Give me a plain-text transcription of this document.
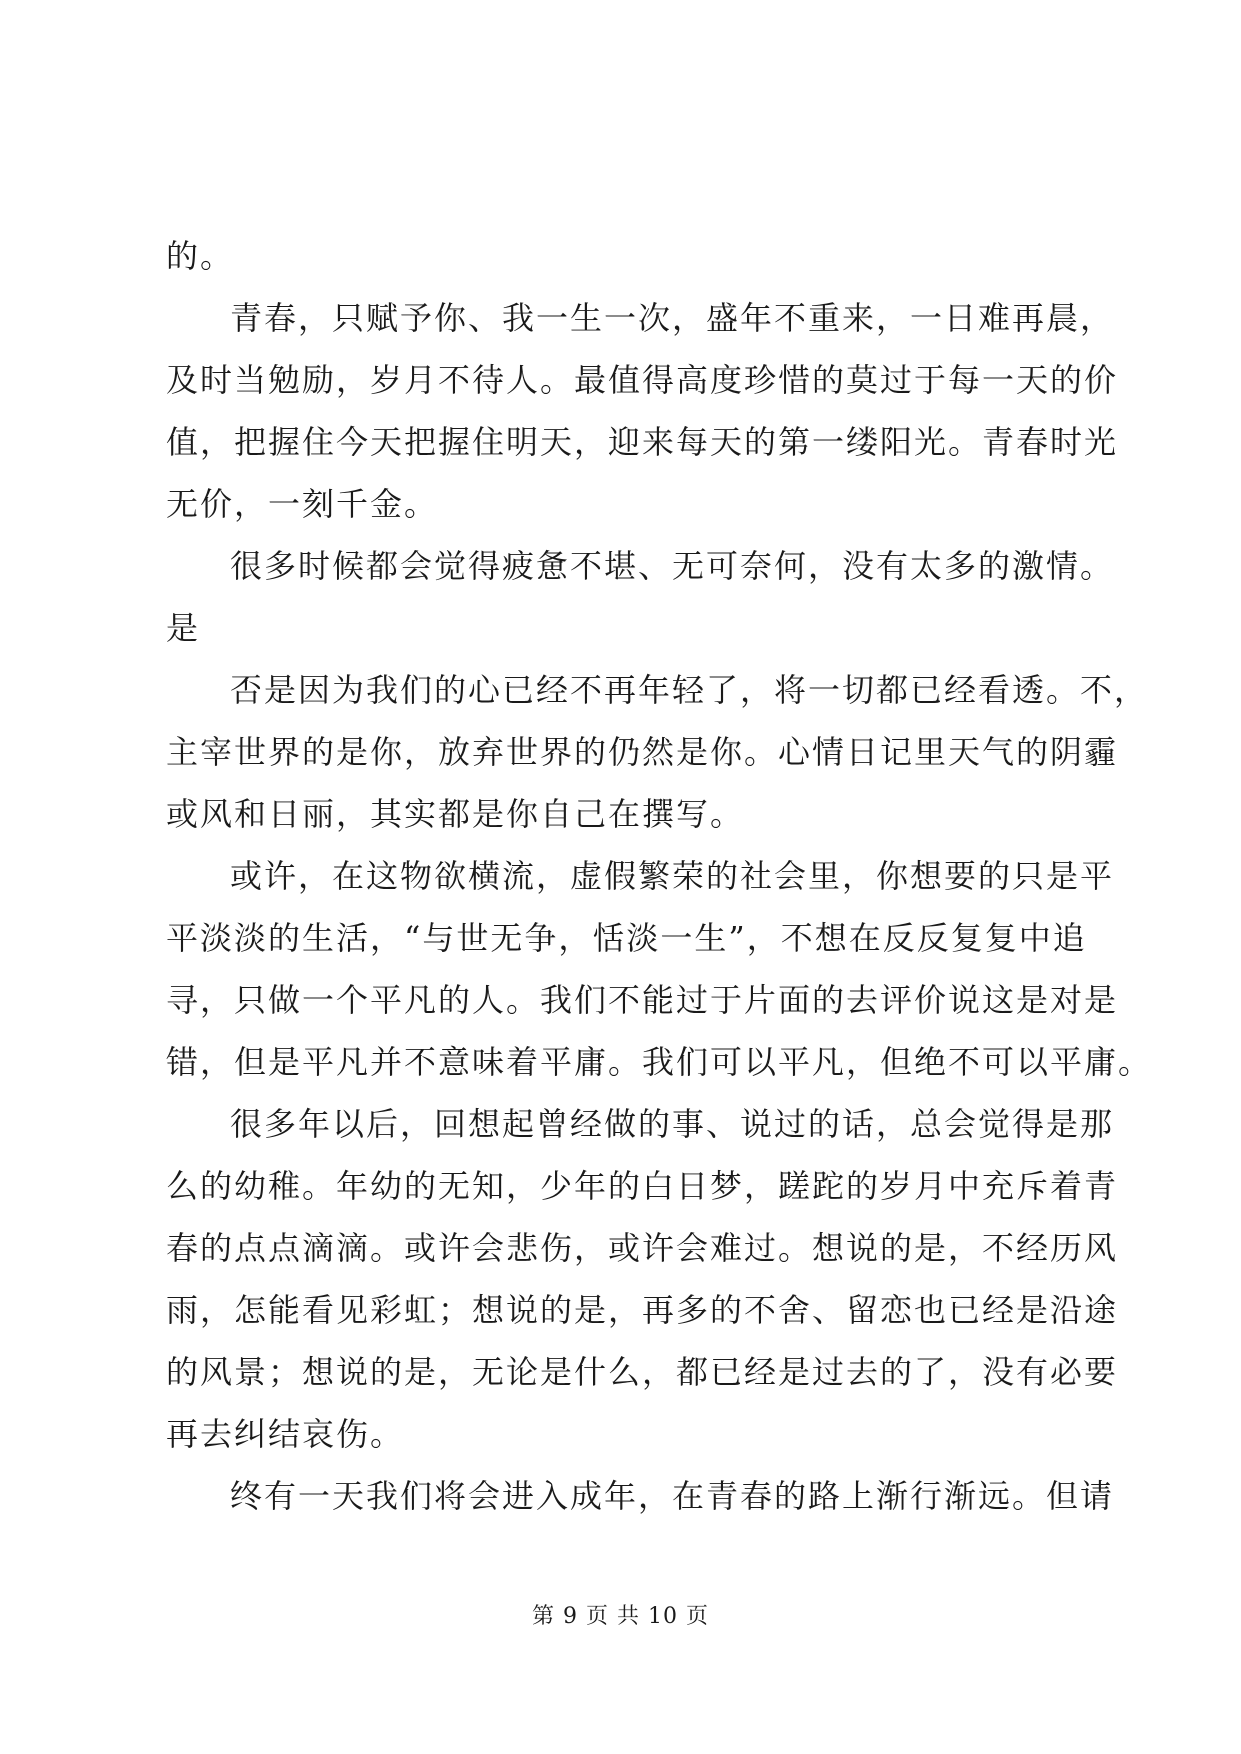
的。
青春，只赋予你、我一生一次，盛年不重来，一日难再晨，
及时当勉励，岁月不待人。最值得高度珍惜的莫过于每一天的价
值，把握住今天把握住明天，迎来每天的第一缕阳光。青春时光
无价，一刻千金。
很多时候都会觉得疲惫不堪、无可奈何，没有太多的激情。
是
否是因为我们的心已经不再年轻了，将一切都已经看透。不，
主宰世界的是你，放弃世界的仍然是你。心情日记里天气的阴霾
或风和日丽，其实都是你自己在撰写。
或许，在这物欲横流，虚假繁荣的社会里，你想要的只是平
平淡淡的生活，“与世无争，恬淡一生”，不想在反反复复中追
寻，只做一个平凡的人。我们不能过于片面的去评价说这是对是
错，但是平凡并不意味着平庸。我们可以平凡，但绝不可以平庸。
很多年以后，回想起曾经做的事、说过的话，总会觉得是那
么的幼稚。年幼的无知，少年的白日梦，蹉跎的岁月中充斥着青
春的点点滴滴。或许会悲伤，或许会难过。想说的是，不经历风
雨，怎能看见彩虹；想说的是，再多的不舍、留恋也已经是沿途
的风景；想说的是，无论是什么，都已经是过去的了，没有必要
再去纠结哀伤。
终有一天我们将会进入成年，在青春的路上渐行渐远。但请
第 9 页 共 10 页
